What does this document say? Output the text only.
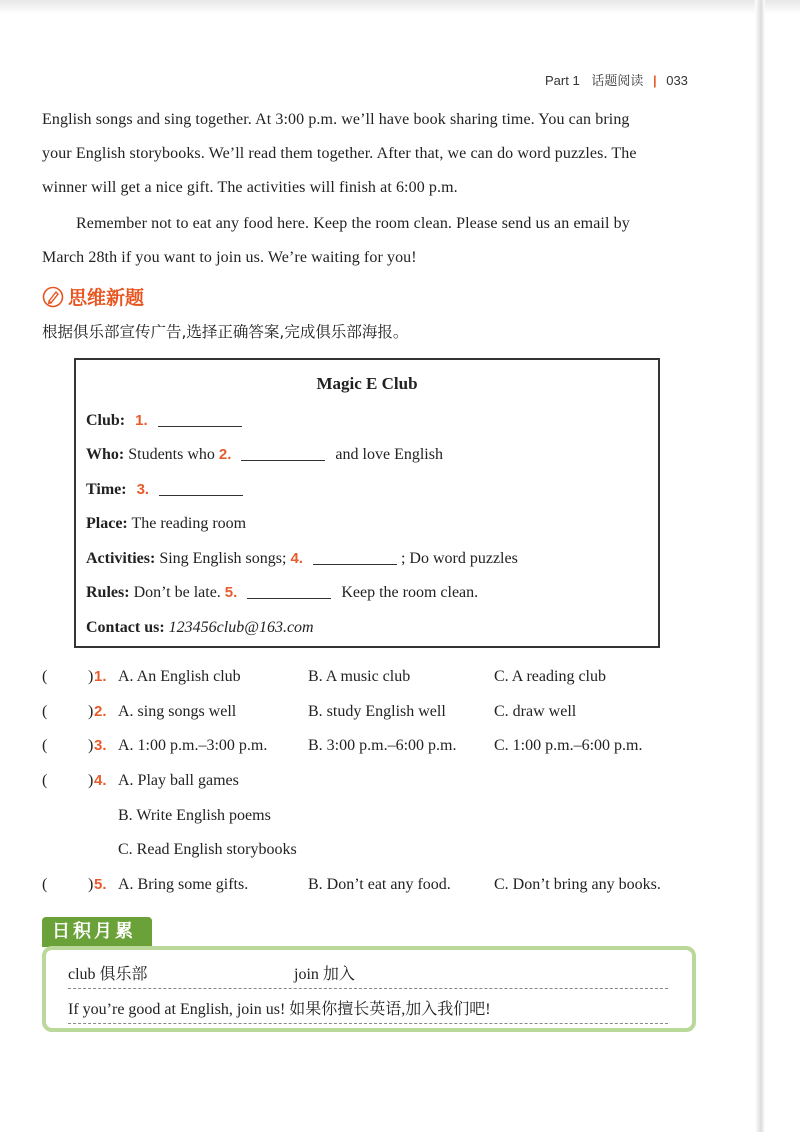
Part 1 话题阅读 | 033
English songs and sing together. At 3:00 p.m. we’ll have book sharing time. You can bring
your English storybooks. We’ll read them together. After that, we can do word puzzles. The
winner will get a nice gift. The activities will finish at 6:00 p.m.
Remember not to eat any food here. Keep the room clean. Please send us an email by
March 28th if you want to join us. We’re waiting for you!
思维新题
根据俱乐部宣传广告,选择正确答案,完成俱乐部海报。
Magic E Club
Club: 1.
Who: Students who 2.	and love English
Time: 3.
Place: The reading room
Activities: Sing English songs; 4.	; Do word puzzles
Rules: Don’t be late. 5.	Keep the room clean.
Contact us: 123456club@163.com
(	) 1. A. An English club	B. A music club	C. A reading club
(	) 2. A. sing songs well	B. study English well	C. draw well
(	) 3. A. 1:00 p.m.–3:00 p.m.	B. 3:00 p.m.–6:00 p.m. C. 1:00 p.m.–6:00 p.m.
(	) 4. A. Play ball games
B. Write English poems
C. Read English storybooks
(	) 5. A. Bring some gifts.	B. Don’t eat any food.	C. Don’t bring any books.
日积月累
club 俱乐部	join 加入
If you’re good at English, join us! 如果你擅长英语,加入我们吧!
